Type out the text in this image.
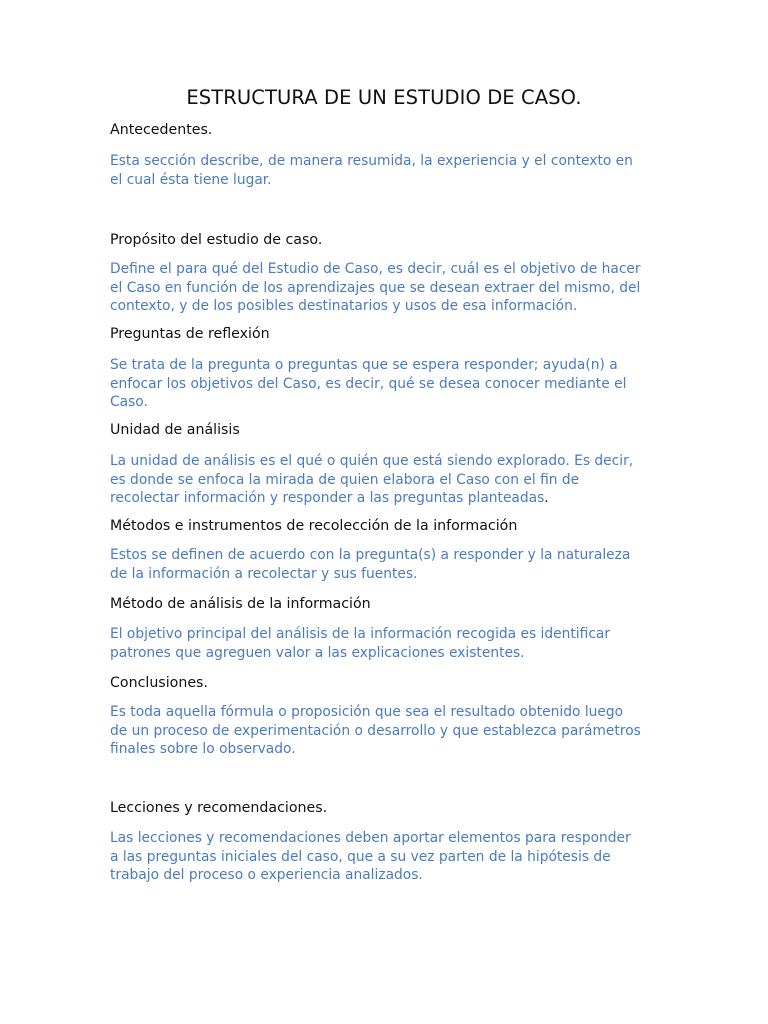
ESTRUCTURA DE UN ESTUDIO DE CASO.
Antecedentes.

Esta sección describe, de manera resumida, la experiencia y el contexto en
el cual ésta tiene lugar.

Propósito del estudio de caso.

Define el para qué del Estudio de Caso, es decir, cuál es el objetivo de hacer
el Caso en función de los aprendizajes que se desean extraer del mismo, del
contexto, y de los posibles destinatarios y usos de esa información.

Preguntas de reflexión

Se trata de la pregunta o preguntas que se espera responder; ayuda(n) a
enfocar los objetivos del Caso, es decir, qué se desea conocer mediante el
Caso.

Unidad de análisis

La unidad de análisis es el qué o quién que está siendo explorado. Es decir,
es donde se enfoca la mirada de quien elabora el Caso con el fin de
recolectar información y responder a las preguntas planteadas.

Métodos e instrumentos de recolección de la información

Estos se definen de acuerdo con la pregunta(s) a responder y la naturaleza
de la información a recolectar y sus fuentes.

Método de análisis de la información

El objetivo principal del análisis de la información recogida es identificar
patrones que agreguen valor a las explicaciones existentes.

Conclusiones.

Es toda aquella fórmula o proposición que sea el resultado obtenido luego
de un proceso de experimentación o desarrollo y que establezca parámetros
finales sobre lo observado.

Lecciones y recomendaciones.

Las lecciones y recomendaciones deben aportar elementos para responder
a las preguntas iniciales del caso, que a su vez parten de la hipótesis de
trabajo del proceso o experiencia analizados.
